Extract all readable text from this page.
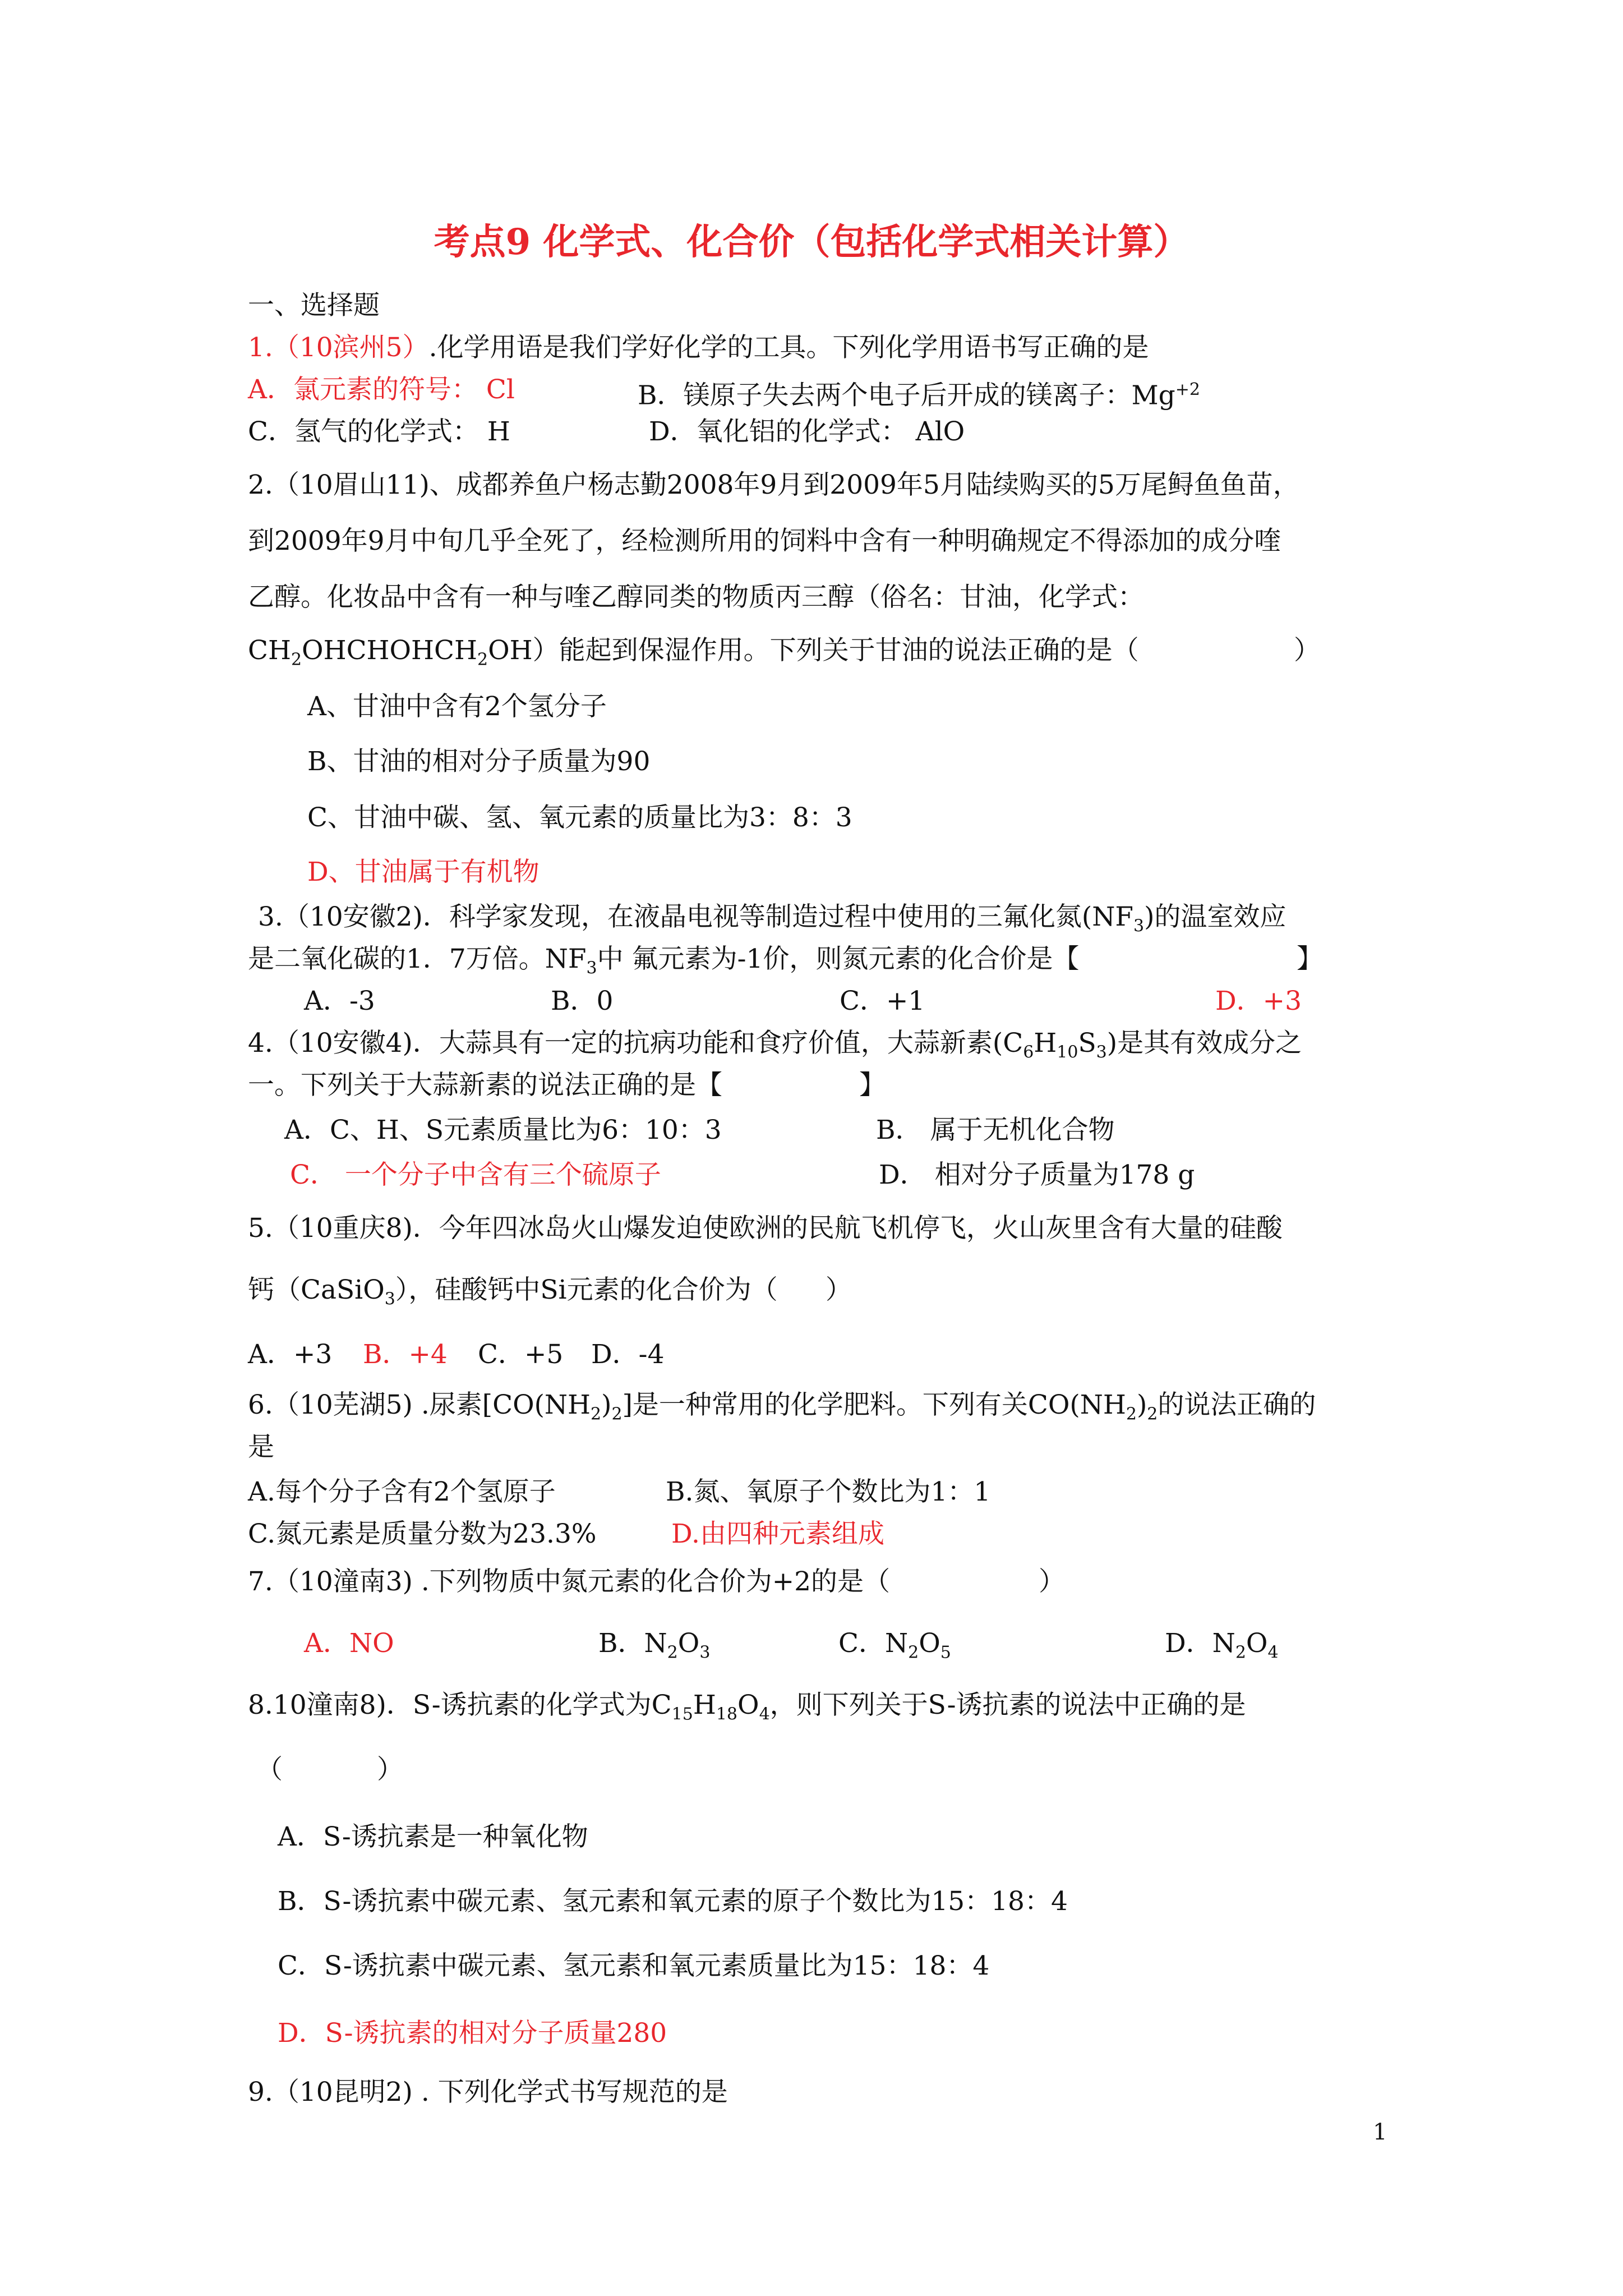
考点9 化学式、化合价（包括化学式相关计算）
一、选择题
1.（10滨州5）.化学用语是我们学好化学的工具。下列化学用语书写正确的是
A．氯元素的符号： Cl	B．镁原子失去两个电子后开成的镁离子：$Mg^{+2}$
C．氢气的化学式： H	D．氧化铝的化学式： AlO
2.（10眉山11)、成都养鱼户杨志勤2008年9月到2009年5月陆续购买的5万尾鲟鱼鱼苗，
到2009年9月中旬几乎全死了，经检测所用的饲料中含有一种明确规定不得添加的成分喹
乙醇。化妆品中含有一种与喹乙醇同类的物质丙三醇（俗名：甘油，化学式：
$CH_2OHCHOHCH_2OH$）能起到保湿作用。下列关于甘油的说法正确的是（	）
A、甘油中含有2个氢分子
B、甘油的相对分子质量为90
C、甘油中碳、氢、氧元素的质量比为3：8：3
D、甘油属于有机物
3.（10安徽2)．科学家发现，在液晶电视等制造过程中使用的三氟化氮$(NF_3)$的温室效应
是二氧化碳的1．7万倍。$NF_3$中 氟元素为-1价，则氮元素的化合价是【	】
A．-3	B．0	C．+1	D．+3
4.（10安徽4)．大蒜具有一定的抗病功能和食疗价值，大蒜新素$(C_6H_{10}S_3)$是其有效成分之
一。下列关于大蒜新素的说法正确的是【	】
A．C、H、S元素质量比为6：10：3	B． 属于无机化合物
C． 一个分子中含有三个硫原子	D． 相对分子质量为178 g
5.（10重庆8)．今年四冰岛火山爆发迫使欧洲的民航飞机停飞，火山灰里含有大量的硅酸
钙（CaSiO$_3$），硅酸钙中Si元素的化合价为（ ）
A．+3 B．+4 C．+5 D．-4
6.（10芜湖5) .尿素$[CO(NH_2)_2]$是一种常用的化学肥料。下列有关$CO(NH_2)_2$的说法正确的
是
A.每个分子含有2个氢原子	B.氮、氧原子个数比为1：1
C.氮元素是质量分数为23.3%	D.由四种元素组成
7.（10潼南3) .下列物质中氮元素的化合价为+2的是（	）
A．NO	B．$N_2O_3$	C．$N_2O_5$	D．$N_2O_4$
8.10潼南8)．S-诱抗素的化学式为$C_{15}H_{18}O_4$，则下列关于S-诱抗素的说法中正确的是
（	）
A．S-诱抗素是一种氧化物
B．S-诱抗素中碳元素、氢元素和氧元素的原子个数比为15：18：4
C．S-诱抗素中碳元素、氢元素和氧元素质量比为15：18：4
D．S-诱抗素的相对分子质量280
9.（10昆明2) . 下列化学式书写规范的是
1
